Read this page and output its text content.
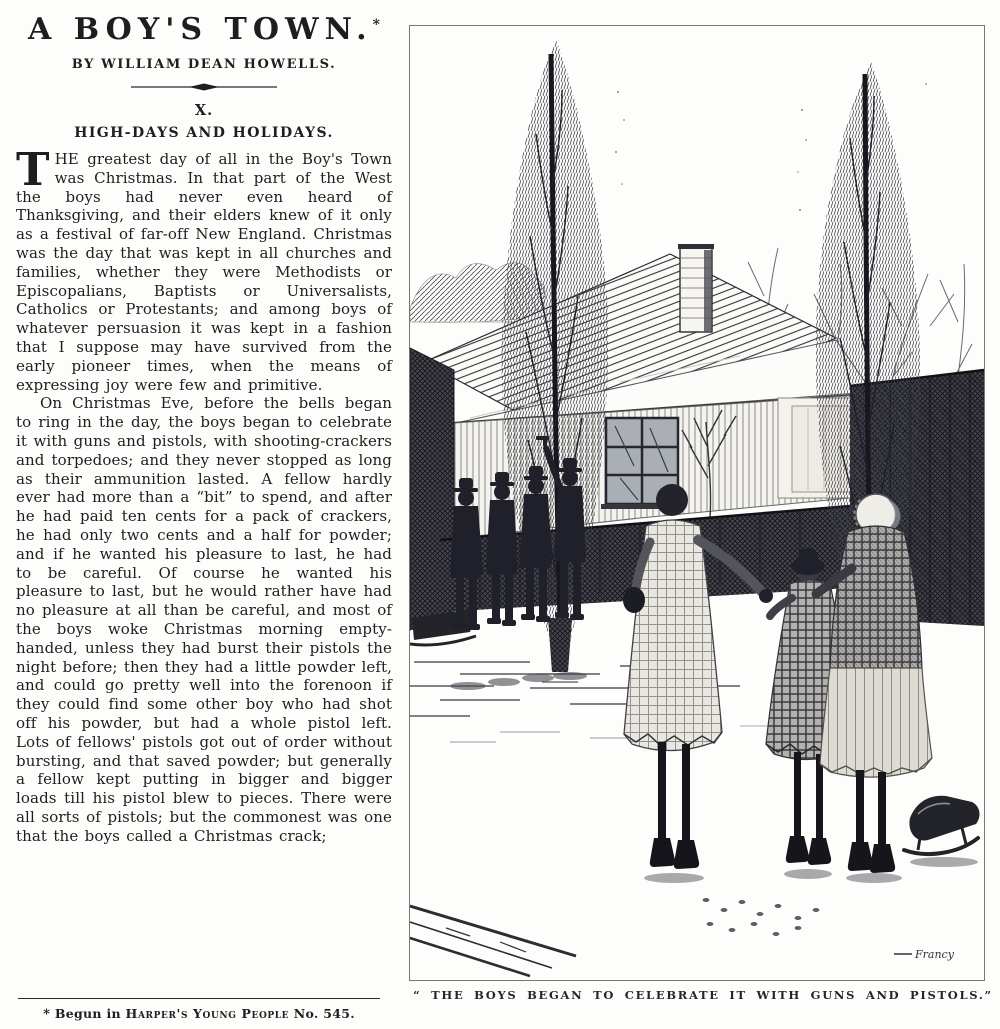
A BOY'S TOWN.*
BY WILLIAM DEAN HOWELLS.
X.
HIGH-DAYS AND HOLIDAYS.

THE greatest day of all in the Boy's Town was Christmas. In that part of the West the boys had never even heard of Thanksgiving, and their elders knew of it only as a festival of far-off New England. Christmas was the day that was kept in all churches and families, whether they were Methodists or Episcopalians, Baptists or Universalists, Catholics or Protestants; and among boys of whatever persuasion it was kept in a fashion that I suppose may have survived from the early pioneer times, when the means of expressing joy were few and primitive.

On Christmas Eve, before the bells began to ring in the day, the boys began to celebrate it with guns and pistols, with shooting-crackers and torpedoes; and they never stopped as long as their ammunition lasted. A fellow hardly ever had more than a “bit” to spend, and after he had paid ten cents for a pack of crackers, he had only two cents and a half for powder; and if he wanted his pleasure to last, he had to be careful. Of course he wanted his pleasure to last, but he would rather have had no pleasure at all than be careful, and most of the boys woke Christmas morning empty-handed, unless they had burst their pistols the night before; then they had a little powder left, and could go pretty well into the forenoon if they could find some other boy who had shot off his powder, but had a whole pistol left. Lots of fellows' pistols got out of order without bursting, and that saved powder; but generally a fellow kept putting in bigger and bigger loads till his pistol blew to pieces. There were all sorts of pistols; but the commonest was one that the boys called a Christmas crack;

* Begun in Harper's Young People No. 545.
Francy
“ THE BOYS BEGAN TO CELEBRATE IT WITH GUNS AND PISTOLS.”
